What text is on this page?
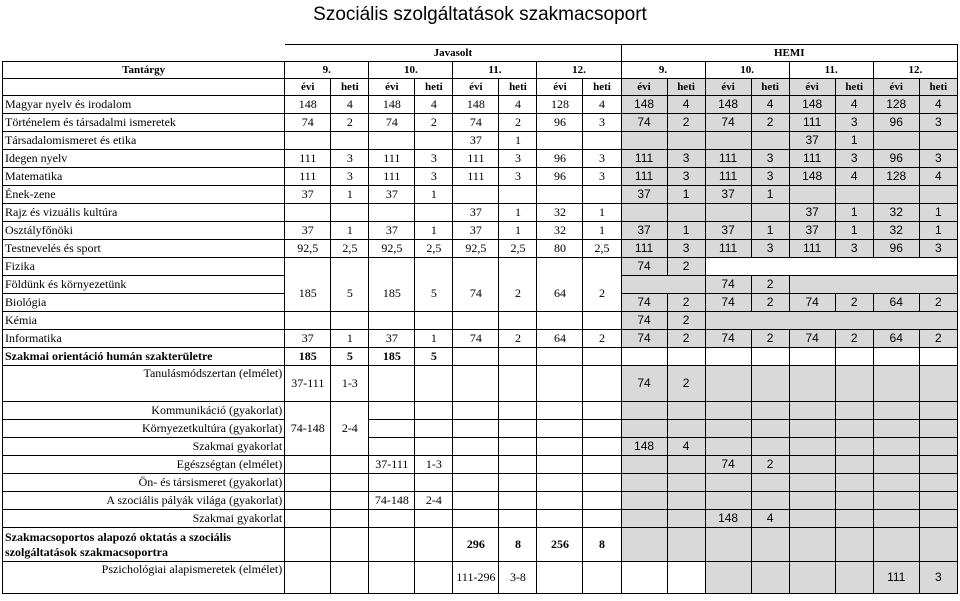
Szociális szolgáltatások szakmacsoport
	Javasolt								HEMI							
Tantárgy	9.		10.		11.		12.		9.		10.		11.		12.	
	évi	heti	évi	heti	évi	heti	évi	heti	évi	heti	évi	heti	évi	heti	évi	heti
Magyar nyelv és irodalom	148	4	148	4	148	4	128	4	148	4	148	4	148	4	128	4
Történelem és társadalmi ismeretek	74	2	74	2	74	2	96	3	74	2	74	2	111	3	96	3
Társadalomismeret és etika					37	1							37	1		
Idegen nyelv	111	3	111	3	111	3	96	3	111	3	111	3	111	3	96	3
Matematika	111	3	111	3	111	3	96	3	111	3	111	3	148	4	128	4
Ének-zene	37	1	37	1					37	1	37	1				
Rajz és vizuális kultúra					37	1	32	1					37	1	32	1
Osztályfőnöki	37	1	37	1	37	1	32	1	37	1	37	1	37	1	32	1
Testnevelés és sport	92,5	2,5	92,5	2,5	92,5	2,5	80	2,5	111	3	111	3	111	3	96	3
Fizika									74	2						
Földünk és környezetünk	185	5	185	5	74	2	64	2			74	2				
Biológia									74	2	74	2	74	2	64	2
Kémia									74	2						
Informatika	37	1	37	1	74	2	64	2	74	2	74	2	74	2	64	2
Szakmai orientáció humán szakterületre	185	5	185	5												
Tanulásmódszertan (elmélet)	37-111	1-3							74	2						
Kommunikáció (gyakorlat)	74-148	2-4														
Környezetkultúra (gyakorlat)																
Szakmai gyakorlat									148	4						
Egészségtan (elmélet)			37-111	1-3							74	2				
Ön- és társismeret (gyakorlat)																
A szociális pályák világa (gyakorlat)			74-148	2-4												
Szakmai gyakorlat											148	4				
Szakmacsoportos alapozó oktatás a szociális szolgáltatások szakmacsoportra					296	8	256	8								
Pszichológiai alapismeretek (elmélet)					111-296	3-8									111	3
